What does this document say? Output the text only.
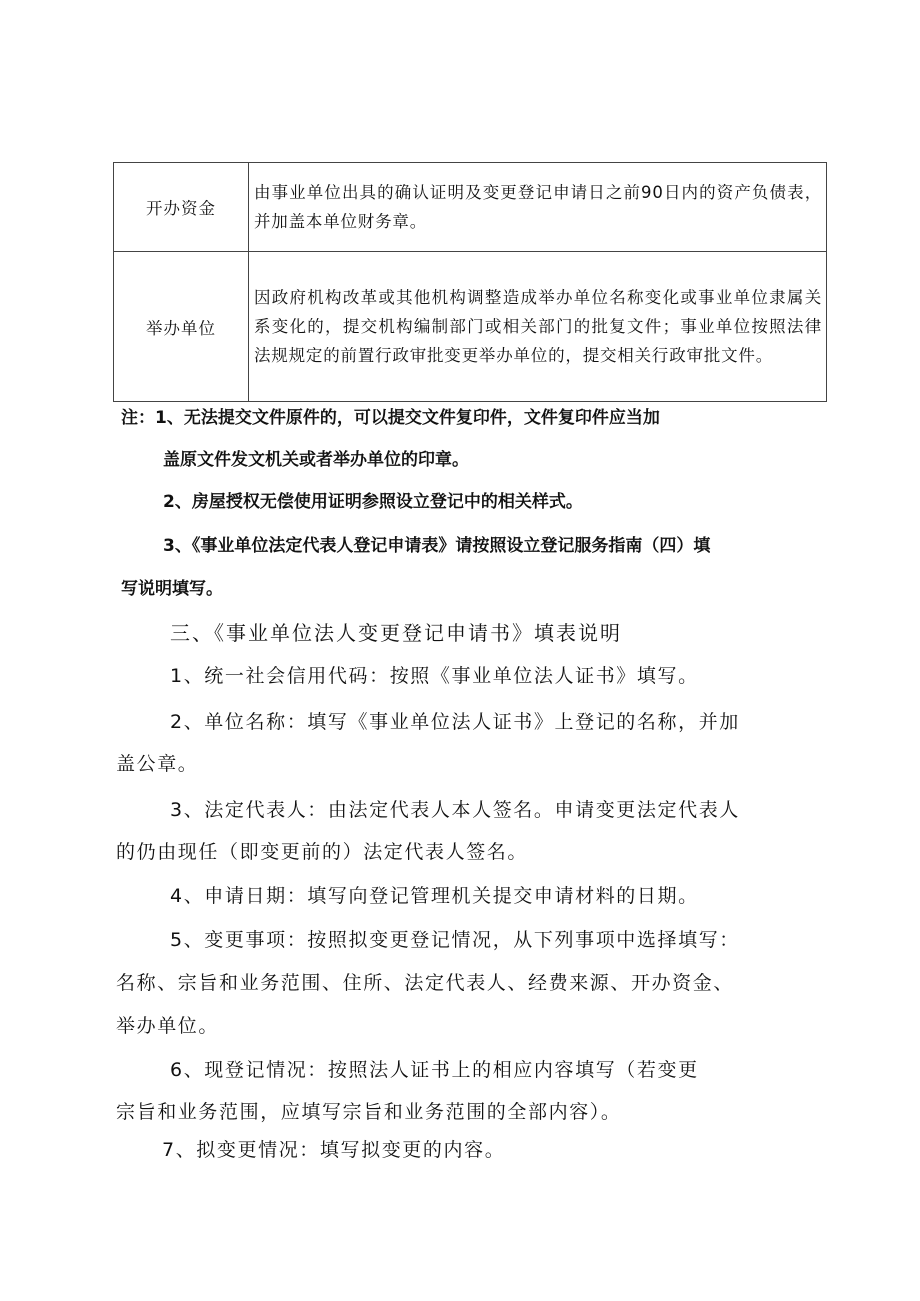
开办资金	由事业单位出具的确认证明及变更登记申请日之前90日内的资产负债表，并加盖本单位财务章。
举办单位	因政府机构改革或其他机构调整造成举办单位名称变化或事业单位隶属关系变化的，提交机构编制部门或相关部门的批复文件；事业单位按照法律法规规定的前置行政审批变更举办单位的，提交相关行政审批文件。
注：1、无法提交文件原件的，可以提交文件复印件，文件复印件应当加
盖原文件发文机关或者举办单位的印章。
2、房屋授权无偿使用证明参照设立登记中的相关样式。
3、《事业单位法定代表人登记申请表》请按照设立登记服务指南（四）填
写说明填写。
三、《事业单位法人变更登记申请书》填表说明
1、统一社会信用代码：按照《事业单位法人证书》填写。
2、单位名称：填写《事业单位法人证书》上登记的名称，并加
盖公章。
3、法定代表人：由法定代表人本人签名。申请变更法定代表人
的仍由现任（即变更前的）法定代表人签名。
4、申请日期：填写向登记管理机关提交申请材料的日期。
5、变更事项：按照拟变更登记情况，从下列事项中选择填写：
名称、宗旨和业务范围、住所、法定代表人、经费来源、开办资金、
举办单位。
6、现登记情况：按照法人证书上的相应内容填写（若变更
宗旨和业务范围，应填写宗旨和业务范围的全部内容）。
7、拟变更情况：填写拟变更的内容。
